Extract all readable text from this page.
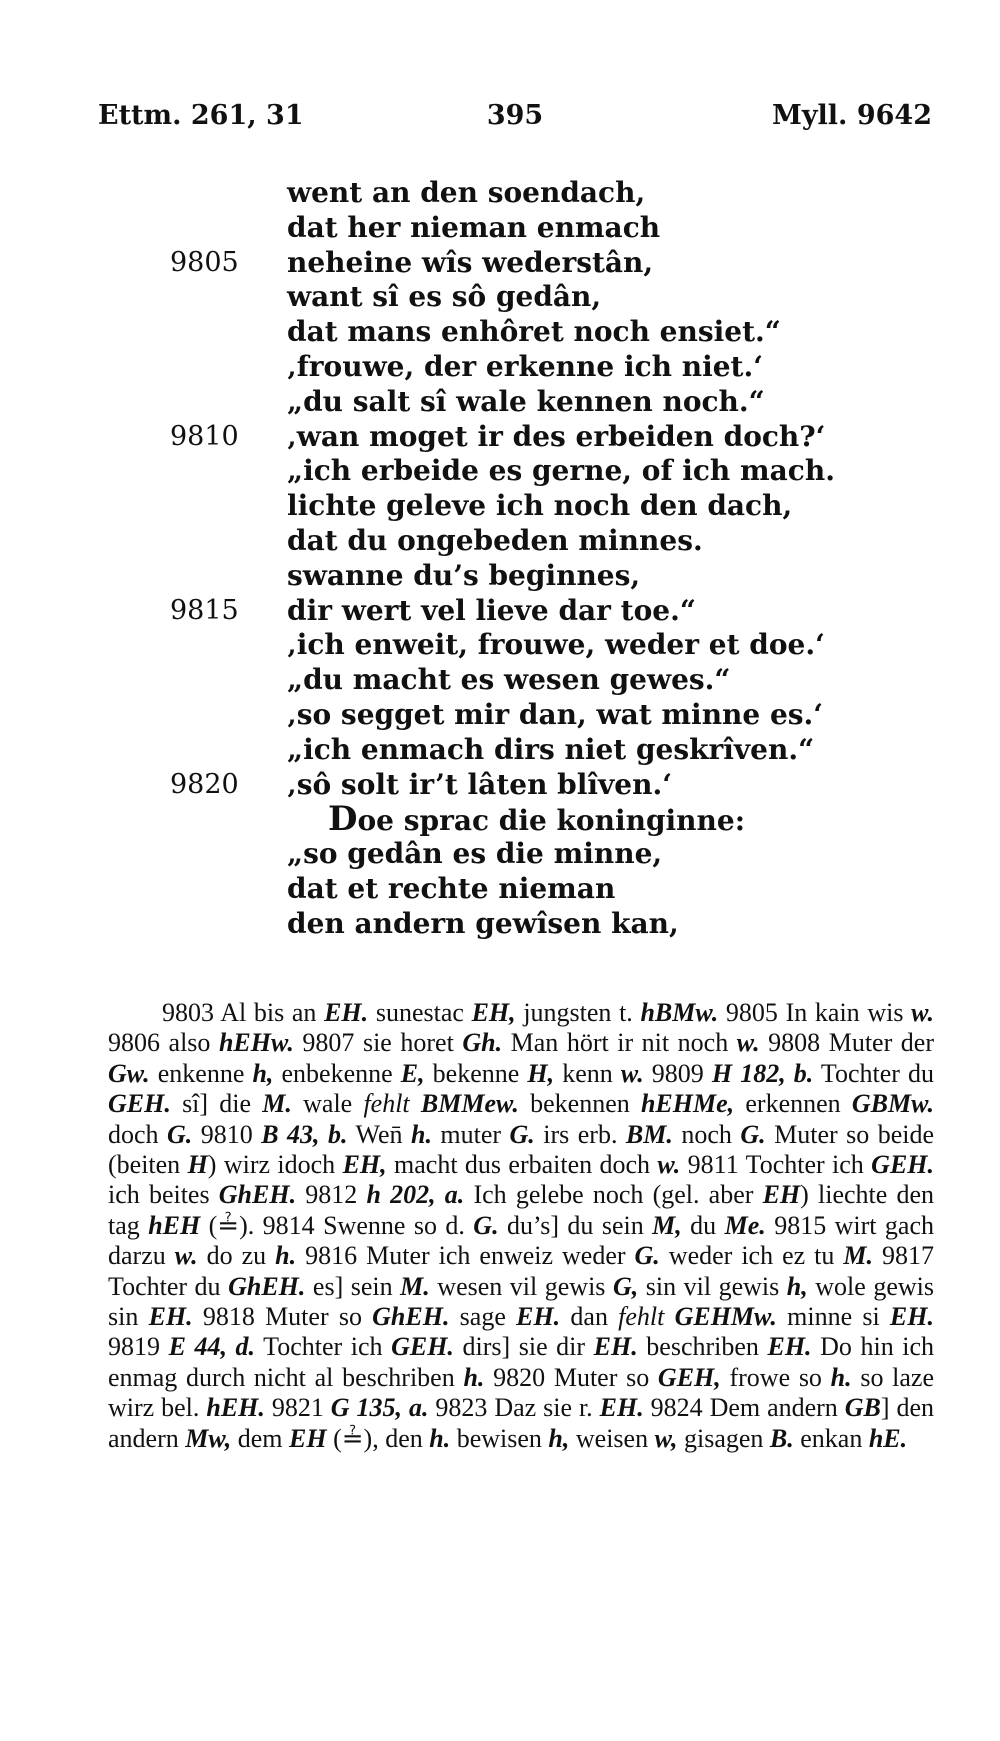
Ettm. 261, 31	395	Myll. 9642
went an den soendach,
dat her nieman enmach
9805	neheine wîs wederstân,
want sî es sô gedân,
dat mans enhôret noch ensiet.“
‚frouwe, der erkenne ich niet.‘
„du salt sî wale kennen noch.“
9810	‚wan moget ir des erbeiden doch?‘
„ich erbeide es gerne, of ich mach.
lichte geleve ich noch den dach,
dat du ongebeden minnes.
swanne du’s beginnes,
9815	dir wert vel lieve dar toe.“
‚ich enweit, frouwe, weder et doe.‘
„du macht es wesen gewes.“
‚so segget mir dan, wat minne es.‘
„ich enmach dirs niet geskrîven.“
9820	‚sô solt ir’t lâten blîven.‘
Doe sprac die koninginne:
„so gedân es die minne,
dat et rechte nieman
den andern gewîsen kan,
9803 Al bis an EH. sunestac EH, jungsten t. hBMw. 9805 In kain wis w. 9806 also hEHw. 9807 sie horet Gh. Man hört ir nit noch w. 9808 Muter der Gw. enkenne h, enbekenne E, bekenne H, kenn w. 9809 H 182, b. Tochter du GEH. sî] die M. wale fehlt BMMew. bekennen hEHMe, erkennen GBMw. doch G. 9810 B 43, b. Wen̄ h. muter G. irs erb. BM. noch G. Muter so beide (beiten H) wirz idoch EH, macht dus erbaiten doch w. 9811 Tochter ich GEH. ich beites GhEH. 9812 h 202, a. Ich gelebe noch (gel. aber EH) liechte den tag hEH (≟). 9814 Swenne so d. G. du’s] du sein M, du Me. 9815 wirt gach darzu w. do zu h. 9816 Muter ich enweiz weder G. weder ich ez tu M. 9817 Tochter du GhEH. es] sein M. wesen vil gewis G, sin vil gewis h, wole gewis sin EH. 9818 Muter so GhEH. sage EH. dan fehlt GEHMw. minne si EH. 9819 E 44, d. Tochter ich GEH. dirs] sie dir EH. beschriben EH. Do hin ich enmag durch nicht al beschriben h. 9820 Muter so GEH, frowe so h. so laze wirz bel. hEH. 9821 G 135, a. 9823 Daz sie r. EH. 9824 Dem andern GB] den andern Mw, dem EH (≟), den h. bewisen h, weisen w, gisagen B. enkan hE.
